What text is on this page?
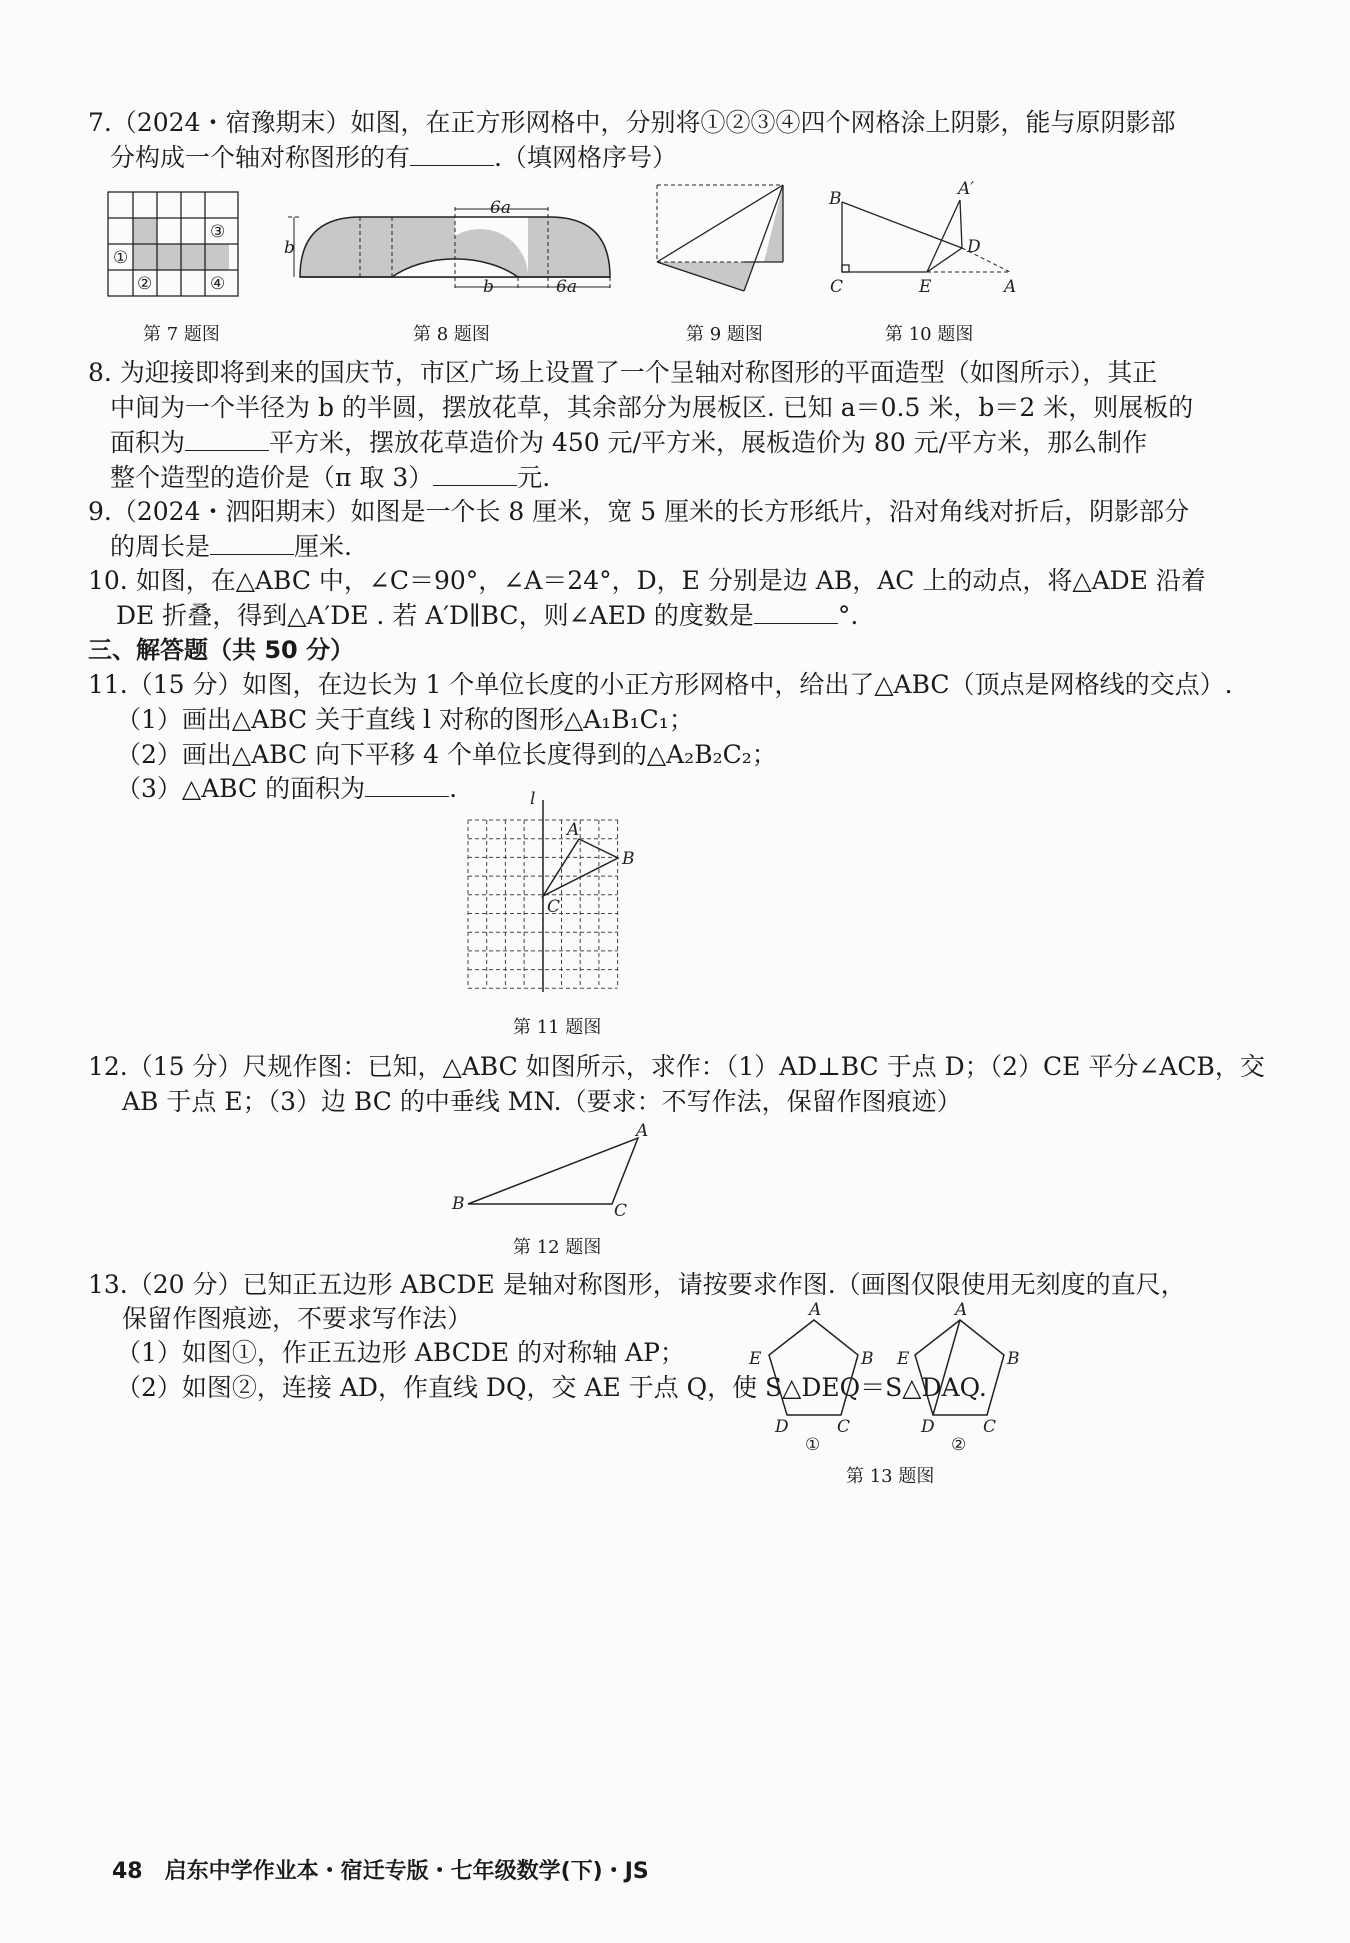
7.（2024・宿豫期末）如图，在正方形网格中，分别将①②③④四个网格涂上阴影，能与原阴影部
分构成一个轴对称图形的有	.（填网格序号）
①
②
③
④
第 7 题图
6a
b	6a
b
第 8 题图	第 9 题图
B	A′
D
C	E	A
第 10 题图
8. 为迎接即将到来的国庆节，市区广场上设置了一个呈轴对称图形的平面造型（如图所示），其正
中间为一个半径为 b 的半圆，摆放花草，其余部分为展板区. 已知 a＝0.5 米，b＝2 米，则展板的
面积为	平方米，摆放花草造价为 450 元/平方米，展板造价为 80 元/平方米，那么制作
整个造型的造价是（π 取 3）	元.
9.（2024・泗阳期末）如图是一个长 8 厘米，宽 5 厘米的长方形纸片，沿对角线对折后，阴影部分
的周长是	厘米.
10. 如图，在△ABC 中，∠C＝90°，∠A＝24°，D，E 分别是边 AB，AC 上的动点，将△ADE 沿着
DE 折叠，得到△A′DE . 若 A′D∥BC，则∠AED 的度数是	°.
三、解答题（共 50 分）
11.（15 分）如图，在边长为 1 个单位长度的小正方形网格中，给出了△ABC（顶点是网格线的交点）.
（1）画出△ABC 关于直线 l 对称的图形△A₁B₁C₁；
（2）画出△ABC 向下平移 4 个单位长度得到的△A₂B₂C₂；
（3）△ABC 的面积为	.	l
A
B
C
第 11 题图
12.（15 分）尺规作图：已知，△ABC 如图所示，求作：（1）AD⊥BC 于点 D；（2）CE 平分∠ACB，交
AB 于点 E；（3）边 BC 的中垂线 MN.（要求：不写作法，保留作图痕迹）
A
B	C
第 12 题图
13.（20 分）已知正五边形 ABCDE 是轴对称图形，请按要求作图.（画图仅限使用无刻度的直尺，
保留作图痕迹，不要求写作法）
（1）如图①，作正五边形 ABCDE 的对称轴 AP；
（2）如图②，连接 AD，作直线 DQ，交 AE 于点 Q，使 S△DEQ＝S△DAQ.
A
B
C
D
E
A
B
C
D
E
①	②
第 13 题图
48　启东中学作业本・宿迁专版・七年级数学(下)・JS
